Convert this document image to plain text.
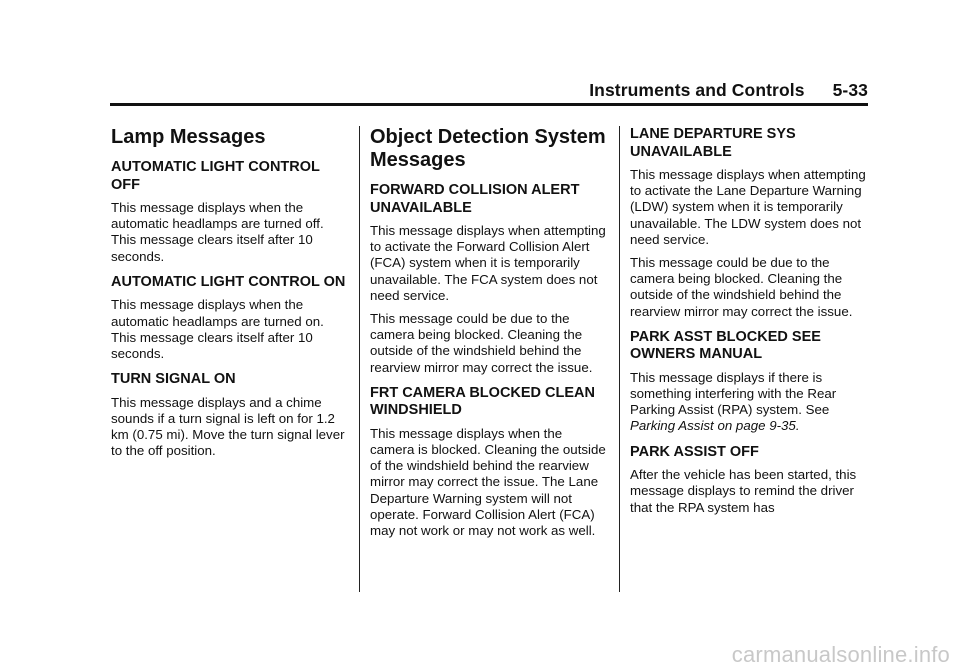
Instruments and Controls 5-33
Lamp Messages
AUTOMATIC LIGHT CONTROL OFF

This message displays when the automatic headlamps are turned off. This message clears itself after 10 seconds.

AUTOMATIC LIGHT CONTROL ON

This message displays when the automatic headlamps are turned on. This message clears itself after 10 seconds.

TURN SIGNAL ON

This message displays and a chime sounds if a turn signal is left on for 1.2 km (0.75 mi). Move the turn signal lever to the off position.

Object Detection System Messages
FORWARD COLLISION ALERT UNAVAILABLE

This message displays when attempting to activate the Forward Collision Alert (FCA) system when it is temporarily unavailable. The FCA system does not need service.

This message could be due to the camera being blocked. Cleaning the outside of the windshield behind the rearview mirror may correct the issue.

FRT CAMERA BLOCKED CLEAN WINDSHIELD

This message displays when the camera is blocked. Cleaning the outside of the windshield behind the rearview mirror may correct the issue. The Lane Departure Warning system will not operate. Forward Collision Alert (FCA) may not work or may not work as well.

LANE DEPARTURE SYS UNAVAILABLE

This message displays when attempting to activate the Lane Departure Warning (LDW) system when it is temporarily unavailable. The LDW system does not need service.

This message could be due to the camera being blocked. Cleaning the outside of the windshield behind the rearview mirror may correct the issue.

PARK ASST BLOCKED SEE OWNERS MANUAL

This message displays if there is something interfering with the Rear Parking Assist (RPA) system. See
Parking Assist on page 9-35.

PARK ASSIST OFF

After the vehicle has been started, this message displays to remind the driver that the RPA system has

carmanualsonline.info
